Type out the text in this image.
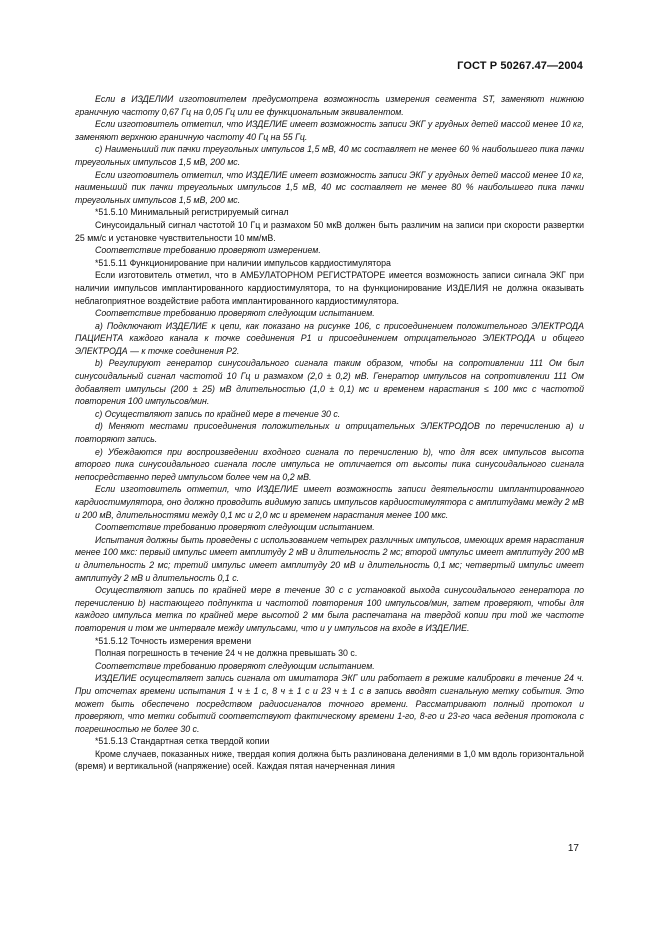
ГОСТ Р 50267.47—2004

Если в ИЗДЕЛИИ изготовителем предусмотрена возможность измерения сегмента ST, заменяют нижнюю граничную частоту 0,67 Гц на 0,05 Гц или ее функциональным эквивалентом.

Если изготовитель отметил, что ИЗДЕЛИЕ имеет возможность записи ЭКГ у грудных детей массой менее 10 кг, заменяют верхнюю граничную частоту 40 Гц на 55 Гц.

c) Наименьший пик пачки треугольных импульсов 1,5 мВ, 40 мс составляет не менее 60 % наибольшего пика пачки треугольных импульсов 1,5 мВ, 200 мс.

Если изготовитель отметил, что ИЗДЕЛИЕ имеет возможность записи ЭКГ у грудных детей массой менее 10 кг, наименьший пик пачки треугольных импульсов 1,5 мВ, 40 мс составляет не менее 80 % наибольшего пика пачки треугольных импульсов 1,5 мВ, 200 мс.

*51.5.10 Минимальный регистрируемый сигнал

Синусоидальный сигнал частотой 10 Гц и размахом 50 мкВ должен быть различим на записи при скорости развертки 25 мм/с и установке чувствительности 10 мм/мВ.

Соответствие требованию проверяют измерением.

*51.5.11 Функционирование при наличии импульсов кардиостимулятора

Если изготовитель отметил, что в АМБУЛАТОРНОМ РЕГИСТРАТОРЕ имеется возможность записи сигнала ЭКГ при наличии импульсов имплантированного кардиостимулятора, то на функционирование ИЗДЕЛИЯ не должна оказывать неблагоприятное воздействие работа имплантированного кардиостимулятора.

Соответствие требованию проверяют следующим испытанием.

a) Подключают ИЗДЕЛИЕ к цепи, как показано на рисунке 106, с присоединением положительного ЭЛЕКТРОДА ПАЦИЕНТА каждого канала к точке соединения Р1 и присоединением отрицательного ЭЛЕКТРОДА и общего ЭЛЕКТРОДА — к точке соединения Р2.

b) Регулируют генератор синусоидального сигнала таким образом, чтобы на сопротивлении 111 Ом был синусоидальный сигнал частотой 10 Гц и размахом (2,0 ± 0,2) мВ. Генератор импульсов на сопротивлении 111 Ом добавляет импульсы (200 ± 25) мВ длительностью (1,0 ± 0,1) мс и временем нарастания ≤ 100 мкс с частотой повторения 100 импульсов/мин.

c) Осуществляют запись по крайней мере в течение 30 с.

d) Меняют местами присоединения положительных и отрицательных ЭЛЕКТРОДОВ по перечислению a) и повторяют запись.

e) Убеждаются при воспроизведении входного сигнала по перечислению b), что для всех импульсов высота второго пика синусоидального сигнала после импульса не отличается от высоты пика синусоидального сигнала непосредственно перед импульсом более чем на 0,2 мВ.

Если изготовитель отметил, что ИЗДЕЛИЕ имеет возможность записи деятельности имплантированного кардиостимулятора, оно должно проводить видимую запись импульсов кардиостимулятора с амплитудами между 2 мВ и 200 мВ, длительностями между 0,1 мс и 2,0 мс и временем нарастания менее 100 мкс.

Соответствие требованию проверяют следующим испытанием.

Испытания должны быть проведены с использованием четырех различных импульсов, имеющих время нарастания менее 100 мкс: первый импульс имеет амплитуду 2 мВ и длительность 2 мс; второй импульс имеет амплитуду 200 мВ и длительность 2 мс; третий импульс имеет амплитуду 20 мВ и длительность 0,1 мс; четвертый импульс имеет амплитуду 2 мВ и длительность 0,1 с.

Осуществляют запись по крайней мере в течение 30 с с установкой выхода синусоидального генератора по перечислению b) настающего подпункта и частотой повторения 100 импульсов/мин, затем проверяют, чтобы для каждого импульса метка по крайней мере высотой 2 мм была распечатана на твердой копии при той же частоте повторения и том же интервале между импульсами, что и у импульсов на входе в ИЗДЕЛИЕ.

*51.5.12 Точность измерения времени

Полная погрешность в течение 24 ч не должна превышать 30 с.

Соответствие требованию проверяют следующим испытанием.

ИЗДЕЛИЕ осуществляет запись сигнала от имитатора ЭКГ или работает в режиме калибровки в течение 24 ч. При отсчетах времени испытания 1 ч ± 1 с, 8 ч ± 1 с и 23 ч ± 1 с в запись вводят сигнальную метку события. Это может быть обеспечено посредством радиосигналов точного времени. Рассматривают полный протокол и проверяют, что метки событий соответствуют фактическому времени 1-го, 8-го и 23-го часа ведения протокола с погрешностью не более 30 с.

*51.5.13 Стандартная сетка твердой копии

Кроме случаев, показанных ниже, твердая копия должна быть разлинована делениями в 1,0 мм вдоль горизонтальной (время) и вертикальной (напряжение) осей. Каждая пятая начерченная линия

17
